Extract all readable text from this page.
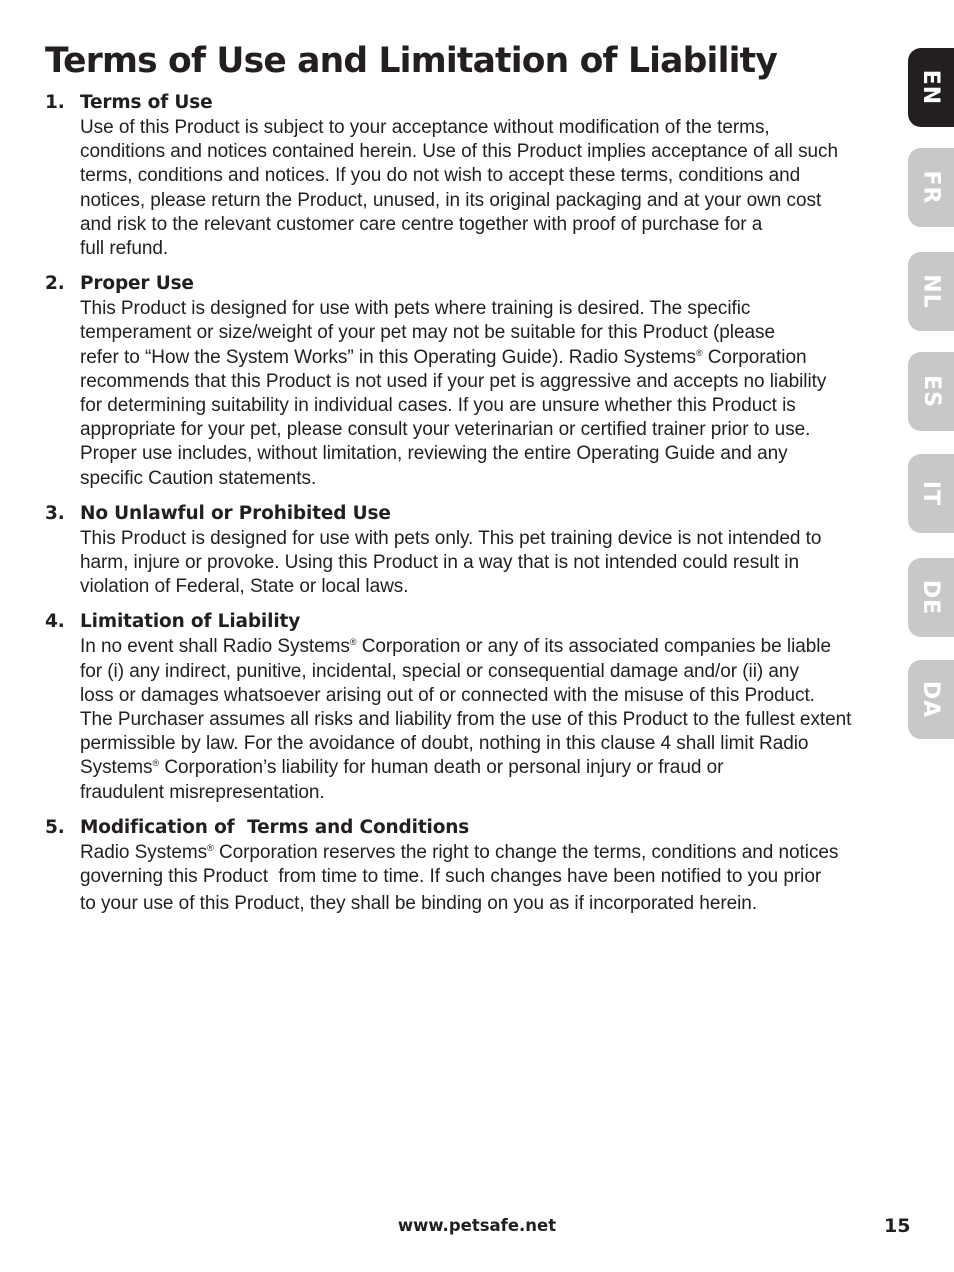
Terms of Use and Limitation of Liability
1. Terms of Use

Use of this Product is subject to your acceptance without modification of the terms,
conditions and notices contained herein. Use of this Product implies acceptance of all such
terms, conditions and notices. If you do not wish to accept these terms, conditions and
notices, please return the Product, unused, in its original packaging and at your own cost
and risk to the relevant customer care centre together with proof of purchase for a
full refund.

2. Proper Use

This Product is designed for use with pets where training is desired. The specific
temperament or size/weight of your pet may not be suitable for this Product (please
refer to “How the System Works” in this Operating Guide). Radio Systems® Corporation
recommends that this Product is not used if your pet is aggressive and accepts no liability
for determining suitability in individual cases. If you are unsure whether this Product is
appropriate for your pet, please consult your veterinarian or certified trainer prior to use.
Proper use includes, without limitation, reviewing the entire Operating Guide and any
specific Caution statements.

3. No Unlawful or Prohibited Use

This Product is designed for use with pets only. This pet training device is not intended to
harm, injure or provoke. Using this Product in a way that is not intended could result in
violation of Federal, State or local laws.

4. Limitation of Liability

In no event shall Radio Systems® Corporation or any of its associated companies be liable
for (i) any indirect, punitive, incidental, special or consequential damage and/or (ii) any
loss or damages whatsoever arising out of or connected with the misuse of this Product.
The Purchaser assumes all risks and liability from the use of this Product to the fullest extent
permissible by law. For the avoidance of doubt, nothing in this clause 4 shall limit Radio
Systems® Corporation’s liability for human death or personal injury or fraud or
fraudulent misrepresentation.

5. Modification of  Terms and Conditions

Radio Systems® Corporation reserves the right to change the terms, conditions and notices
governing this Product  from time to time. If such changes have been notified to you prior
to your use of this Product, they shall be binding on you as if incorporated herein.

EN
FR
NL
ES
IT
DE
DA
www.petsafe.net	15
